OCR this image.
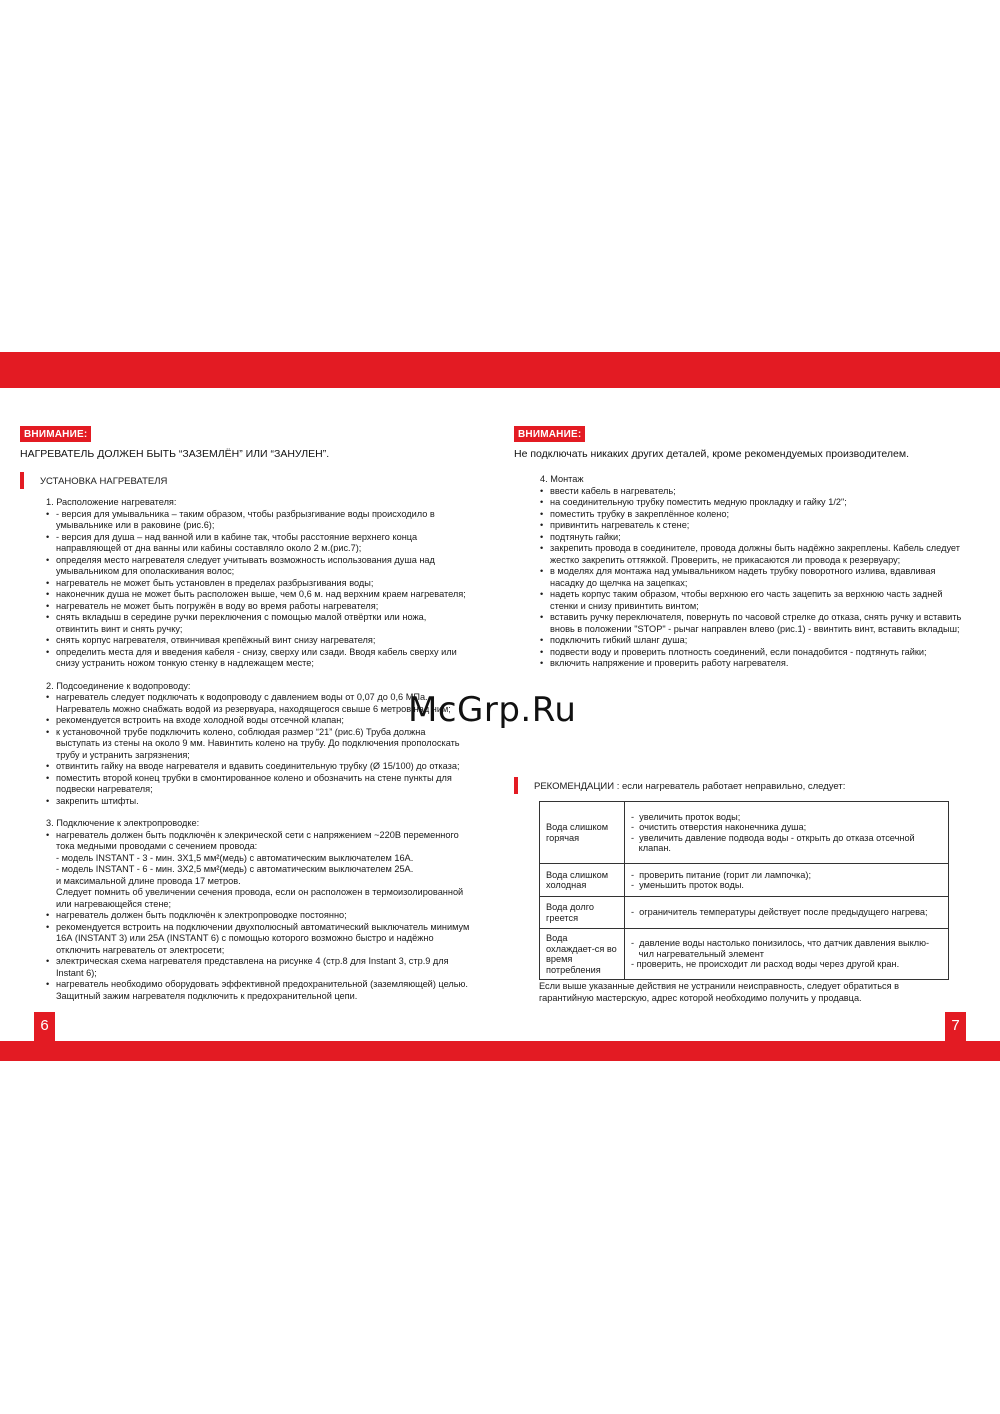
ВНИМАНИЕ:
НАГРЕВАТЕЛЬ ДОЛЖЕН БЫТЬ “ЗАЗЕМЛЁН” ИЛИ “ЗАНУЛЕН”.
УСТАНОВКА НАГРЕВАТЕЛЯ
1. Расположение нагревателя:
• - версия для умывальника – таким образом, чтобы разбрызгивание воды происходило в умывальнике или в раковине (рис.6);
• - версия для душа – над ванной или в кабине так, чтобы расстояние верхнего конца направляющей от дна ванны или кабины составляло около 2 м.(рис.7);
• определяя место нагревателя следует учитывать возможность использования душа над умывальником для ополаскивания волос;
• нагреватель не может быть установлен в пределах разбрызгивания воды;
• наконечник душа не может быть расположен выше, чем 0,6 м. над верхним краем нагревателя;
• нагреватель не может быть погружён в воду во время работы нагревателя;
• снять вкладыш в середине ручки переключения с помощью малой отвёртки или ножа, отвинтить винт и снять ручку;
• снять корпус нагревателя, отвинчивая крепёжный винт снизу нагревателя;
• определить места для и введения кабеля - снизу, сверху или сзади. Вводя кабель сверху или снизу устранить ножом тонкую стенку в надлежащем месте;
2. Подсоединение к водопроводу:
• нагреватель следует подключать к водопроводу с давлением воды от 0,07 до 0,6 МПа. Нагреватель можно снабжать водой из резервуара, находящегося свыше 6 метров над ним;
• рекомендуется встроить на входе холодной воды отсечной клапан;
• к установочной трубе подключить колено, соблюдая размер “21” (рис.6) Труба должна выступать из стены на около 9 мм. Навинтить колено на трубу. До подключения прополоскать трубу и устранить загрязнения;
• отвинтить гайку на вводе нагревателя и вдавить соединительную трубку (Ø 15/100) до отказа;
• поместить второй конец трубки в смонтированное колено и обозначить на стене пункты для подвески нагревателя;
• закрепить штифты.
3. Подключение к электропроводке:
• нагреватель должен быть подключён к элекрической сети с напряжением ~220В переменного тока медными проводами с сечением провода:
- модель INSTANT - 3 - мин. 3Х1,5 мм²(медь) с автоматическим выключателем 16А.
- модель INSTANT - 6 - мин. 3Х2,5 мм²(медь) с автоматическим выключателем 25А.
и максимальной длине провода 17 метров.
Следует помнить об увеличении сечения провода, если он расположен в термоизолированной или нагревающейся стене;
• нагреватель должен быть подключён к электропроводке постоянно;
• рекомендуется встроить на подключении двухполюсный автоматический выключатель минимум 16А (INSTANT 3) или 25А (INSTANT 6) с помощью которого возможно быстро и надёжно отключить нагреватель от электросети;
• электрическая схема нагревателя представлена на рисунке 4 (стр.8 для Instant 3, стр.9 для Instant 6);
• нагреватель необходимо оборудовать эффективной предохранительной (заземляющей) целью. Защитный зажим нагревателя подключить к предохранительной цепи.
6
ВНИМАНИЕ:
Не подключать никаких других деталей, кроме рекомендуемых производителем.
4. Монтаж
• ввести кабель в нагреватель;
• на соединительную трубку поместить медную прокладку и гайку 1/2";
• поместить трубку в закреплённое колено;
• привинтить нагреватель к стене;
• подтянуть гайки;
• закрепить провода в соединителе, провода должны быть надёжно закреплены. Кабель следует жестко закрепить оттяжкой. Проверить, не прикасаются ли провода к резервуару;
• в моделях для монтажа над умывальником надеть трубку поворотного излива, вдавливая насадку до щелчка на зацепках;
• надеть корпус таким образом, чтобы верхнюю его часть зацепить за верхнюю часть задней стенки и снизу привинтить винтом;
• вставить ручку переключателя, повернуть по часовой стрелке до отказа, снять ручку и вставить вновь в положении "STOP" - рычаг направлен влево (рис.1) - ввинтить винт, вставить вкладыш;
• подключить гибкий шланг душа;
• подвести воду и проверить плотность соединений, если понадобится - подтянуть гайки;
• включить напряжение и проверить работу нагревателя.
РЕКОМЕНДАЦИИ : если нагреватель работает неправильно, следует:
Вода слишком горячая	-  увеличить проток воды;
-  очистить отверстия наконечника душа;
-  увеличить давление подвода воды - открыть до отказа отсечной
клапан.

Вода слишком холодная	-  проверить питание (горит ли лампочка);
-  уменьшить проток воды.

Вода долго греется	-  ограничитель температуры действует после предыдущего нагрева;

Вода охлаждает-ся во время потребления	-  давление воды настолько понизилось, что датчик давления выклю-
чил нагревательный элемент
- проверить, не происходит ли расход воды через другой кран.
Если выше указанные действия не устранили неисправность, следует обратиться в гарантийную мастерскую, адрес которой необходимо получить у продавца.
7
McGrp.Ru
